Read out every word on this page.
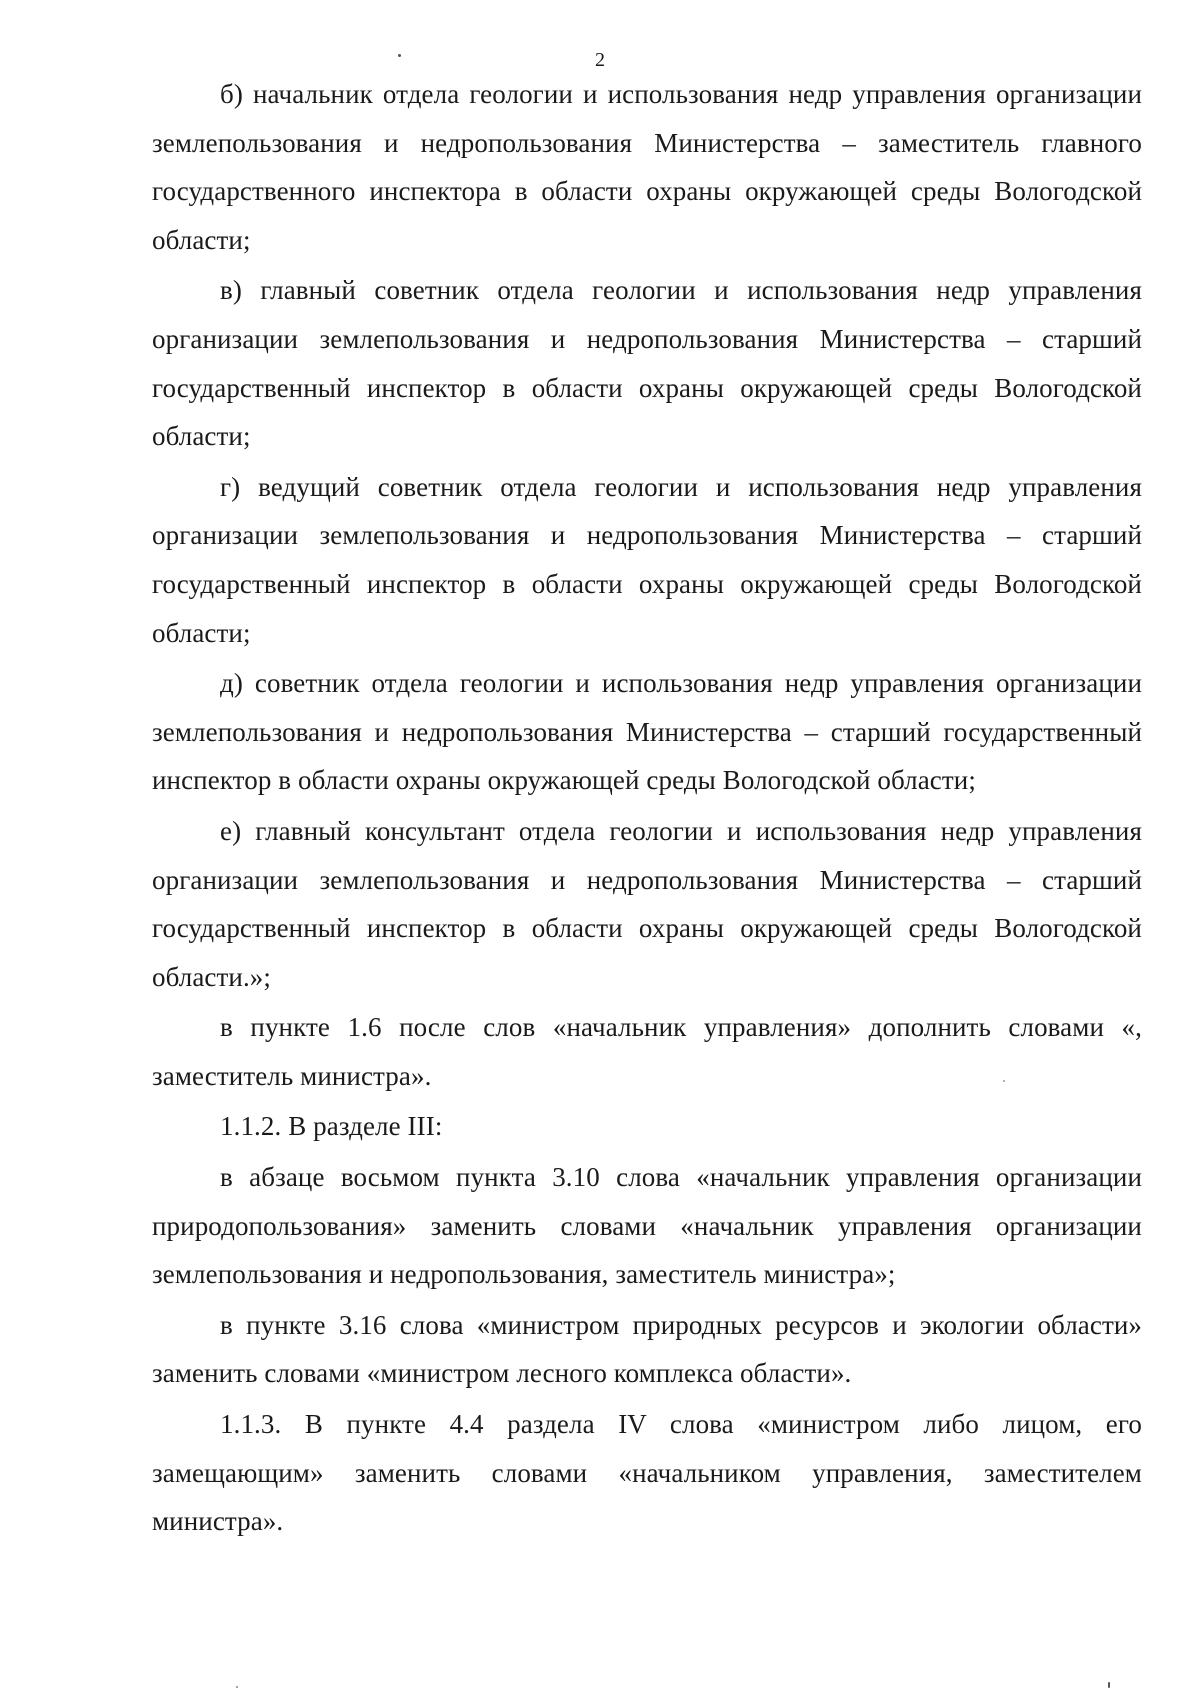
2

б) начальник отдела геологии и использования недр управления организации землепользования и недропользования Министерства – заместитель главного государственного инспектора в области охраны окружающей среды Вологодской области;

в) главный советник отдела геологии и использования недр управления организации землепользования и недропользования Министерства – старший государственный инспектор в области охраны окружающей среды Вологодской области;

г) ведущий советник отдела геологии и использования недр управления организации землепользования и недропользования Министерства – старший государственный инспектор в области охраны окружающей среды Вологодской области;

д) советник отдела геологии и использования недр управления организации землепользования и недропользования Министерства – старший государственный инспектор в области охраны окружающей среды Вологодской области;

е) главный консультант отдела геологии и использования недр управления организации землепользования и недропользования Министерства – старший государственный инспектор в области охраны окружающей среды Вологодской области.»;

в пункте 1.6 после слов «начальник управления» дополнить словами «, заместитель министра».

1.1.2. В разделе III:

в абзаце восьмом пункта 3.10 слова «начальник управления организации природопользования» заменить словами «начальник управления организации землепользования и недропользования, заместитель министра»;

в пункте 3.16 слова «министром природных ресурсов и экологии области» заменить словами «министром лесного комплекса области».

1.1.3. В пункте 4.4 раздела IV слова «министром либо лицом, его замещающим» заменить словами «начальником управления, заместителем министра».
